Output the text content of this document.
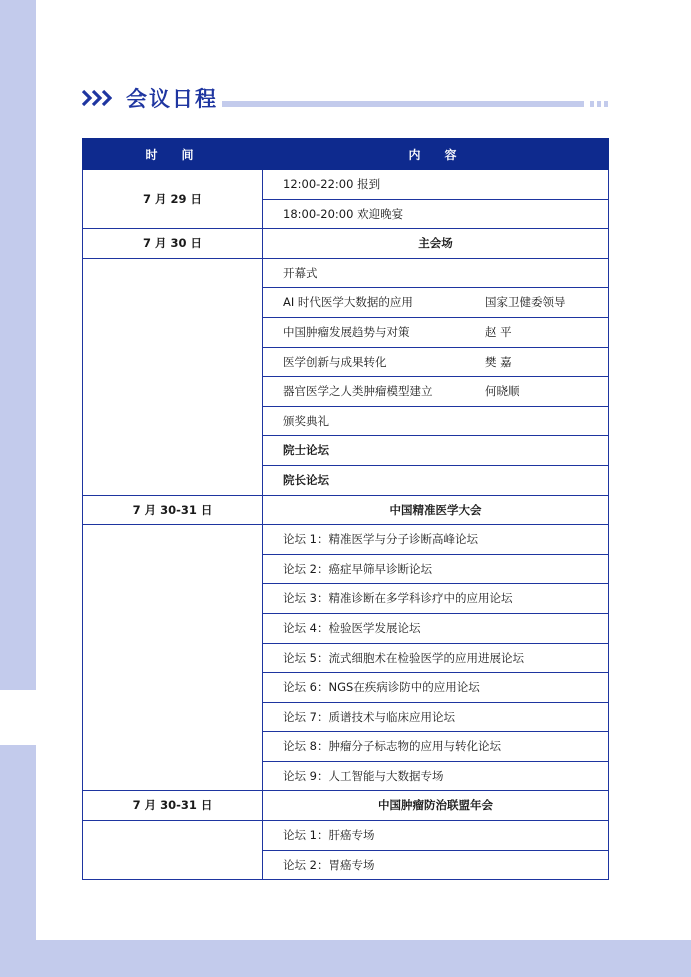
会议日程
时　间	内　容
7 月 29 日	12:00-22:00 报到
	18:00-20:00 欢迎晚宴
7 月 30 日	主会场
	开幕式
	AI 时代医学大数据的应用 国家卫健委领导
	中国肿瘤发展趋势与对策 赵 平
	医学创新与成果转化 樊 嘉
	器官医学之人类肿瘤模型建立 何晓顺
	颁奖典礼
	院士论坛
	院长论坛
7 月 30-31 日	中国精准医学大会
	论坛 1：精准医学与分子诊断高峰论坛
	论坛 2：癌症早筛早诊断论坛
	论坛 3：精准诊断在多学科诊疗中的应用论坛
	论坛 4：检验医学发展论坛
	论坛 5：流式细胞术在检验医学的应用进展论坛
	论坛 6：NGS在疾病诊防中的应用论坛
	论坛 7：质谱技术与临床应用论坛
	论坛 8：肿瘤分子标志物的应用与转化论坛
	论坛 9：人工智能与大数据专场
7 月 30-31 日	中国肿瘤防治联盟年会
	论坛 1：肝癌专场
	论坛 2：胃癌专场
